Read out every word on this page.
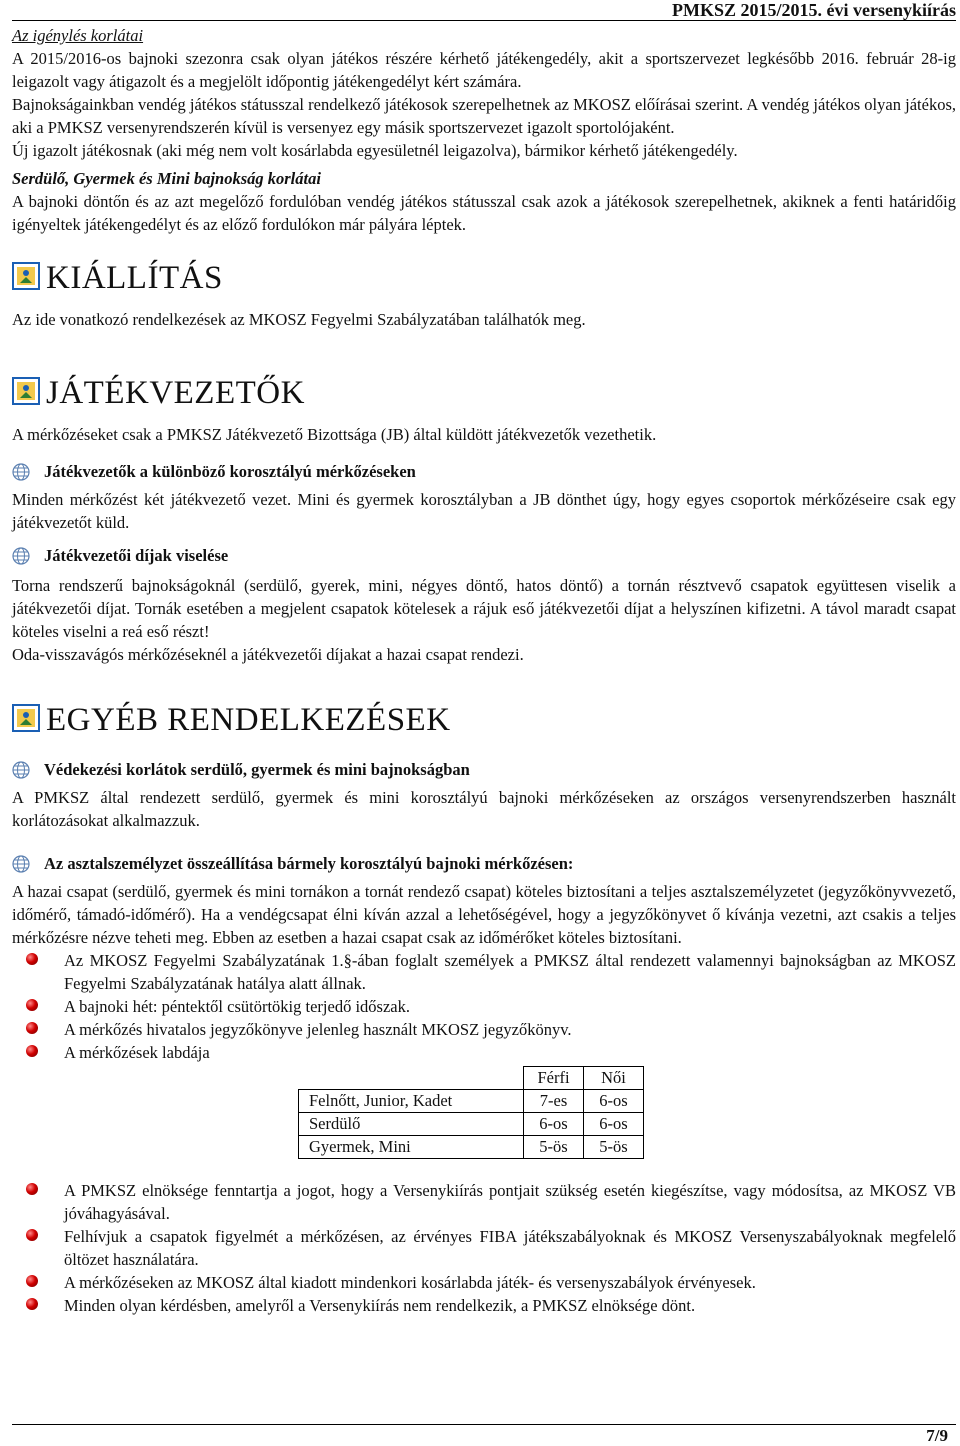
PMKSZ 2015/2015. évi versenykiírás
Az igénylés korlátai

A 2015/2016-os bajnoki szezonra csak olyan játékos részére kérhető játékengedély, akit a sportszervezet legkésőbb 2016. február 28-ig leigazolt vagy átigazolt és a megjelölt időpontig játékengedélyt kért számára.

Bajnokságainkban vendég játékos státusszal rendelkező játékosok szerepelhetnek az MKOSZ előírásai szerint. A vendég játékos olyan játékos, aki a PMKSZ versenyrendszerén kívül is versenyez egy másik sportszervezet igazolt sportolójaként.

Új igazolt játékosnak (aki még nem volt kosárlabda egyesületnél leigazolva), bármikor kérhető játékengedély.

Serdülő, Gyermek és Mini bajnokság korlátai

A bajnoki döntőn és az azt megelőző fordulóban vendég játékos státusszal csak azok a játékosok szerepelhetnek, akiknek a fenti határidőig igényeltek játékengedélyt és az előző fordulókon már pályára léptek.

KIÁLLÍTÁS

Az ide vonatkozó rendelkezések az MKOSZ Fegyelmi Szabályzatában találhatók meg.

JÁTÉKVEZETŐK

A mérkőzéseket csak a PMKSZ Játékvezető Bizottsága (JB) által küldött játékvezetők vezethetik.

Játékvezetők a különböző korosztályú mérkőzéseken

Minden mérkőzést két játékvezető vezet. Mini és gyermek korosztályban a JB dönthet úgy, hogy egyes csoportok mérkőzéseire csak egy játékvezetőt küld.

Játékvezetői díjak viselése

Torna rendszerű bajnokságoknál (serdülő, gyerek, mini, négyes döntő, hatos döntő) a tornán résztvevő csapatok együttesen viselik a játékvezetői díjat. Tornák esetében a megjelent csapatok kötelesek a rájuk eső játékvezetői díjat a helyszínen kifizetni. A távol maradt csapat köteles viselni a reá eső részt!

Oda-visszavágós mérkőzéseknél a játékvezetői díjakat a hazai csapat rendezi.

EGYÉB RENDELKEZÉSEK
Védekezési korlátok serdülő, gyermek és mini bajnokságban

A PMKSZ által rendezett serdülő, gyermek és mini korosztályú bajnoki mérkőzéseken az országos versenyrendszerben használt korlátozásokat alkalmazzuk.

Az asztalszemélyzet összeállítása bármely korosztályú bajnoki mérkőzésen:

A hazai csapat (serdülő, gyermek és mini tornákon a tornát rendező csapat) köteles biztosítani a teljes asztalszemélyzetet (jegyzőkönyvvezető, időmérő, támadó-időmérő). Ha a vendégcsapat élni kíván azzal a lehetőségével, hogy a jegyzőkönyvet ő kívánja vezetni, azt csakis a teljes mérkőzésre nézve teheti meg. Ebben az esetben a hazai csapat csak az időmérőket köteles biztosítani.

Az MKOSZ Fegyelmi Szabályzatának 1.§-ában foglalt személyek a PMKSZ által rendezett valamennyi bajnokságban az MKOSZ Fegyelmi Szabályzatának hatálya alatt állnak.
A bajnoki hét: péntektől csütörtökig terjedő időszak.
A mérkőzés hivatalos jegyzőkönyve jelenleg használt MKOSZ jegyzőkönyv.
A mérkőzések labdája
	Férfi	Női
Felnőtt, Junior, Kadet	7-es	6-os
Serdülő	6-os	6-os
Gyermek, Mini	5-ös	5-ös
A PMKSZ elnöksége fenntartja a jogot, hogy a Versenykiírás pontjait szükség esetén kiegészítse, vagy módosítsa, az MKOSZ VB jóváhagyásával.
Felhívjuk a csapatok figyelmét a mérkőzésen, az érvényes FIBA játékszabályoknak és MKOSZ Versenyszabályoknak megfelelő öltözet használatára.
A mérkőzéseken az MKOSZ által kiadott mindenkori kosárlabda játék- és versenyszabályok érvényesek.
Minden olyan kérdésben, amelyről a Versenykiírás nem rendelkezik, a PMKSZ elnöksége dönt.
7/9
